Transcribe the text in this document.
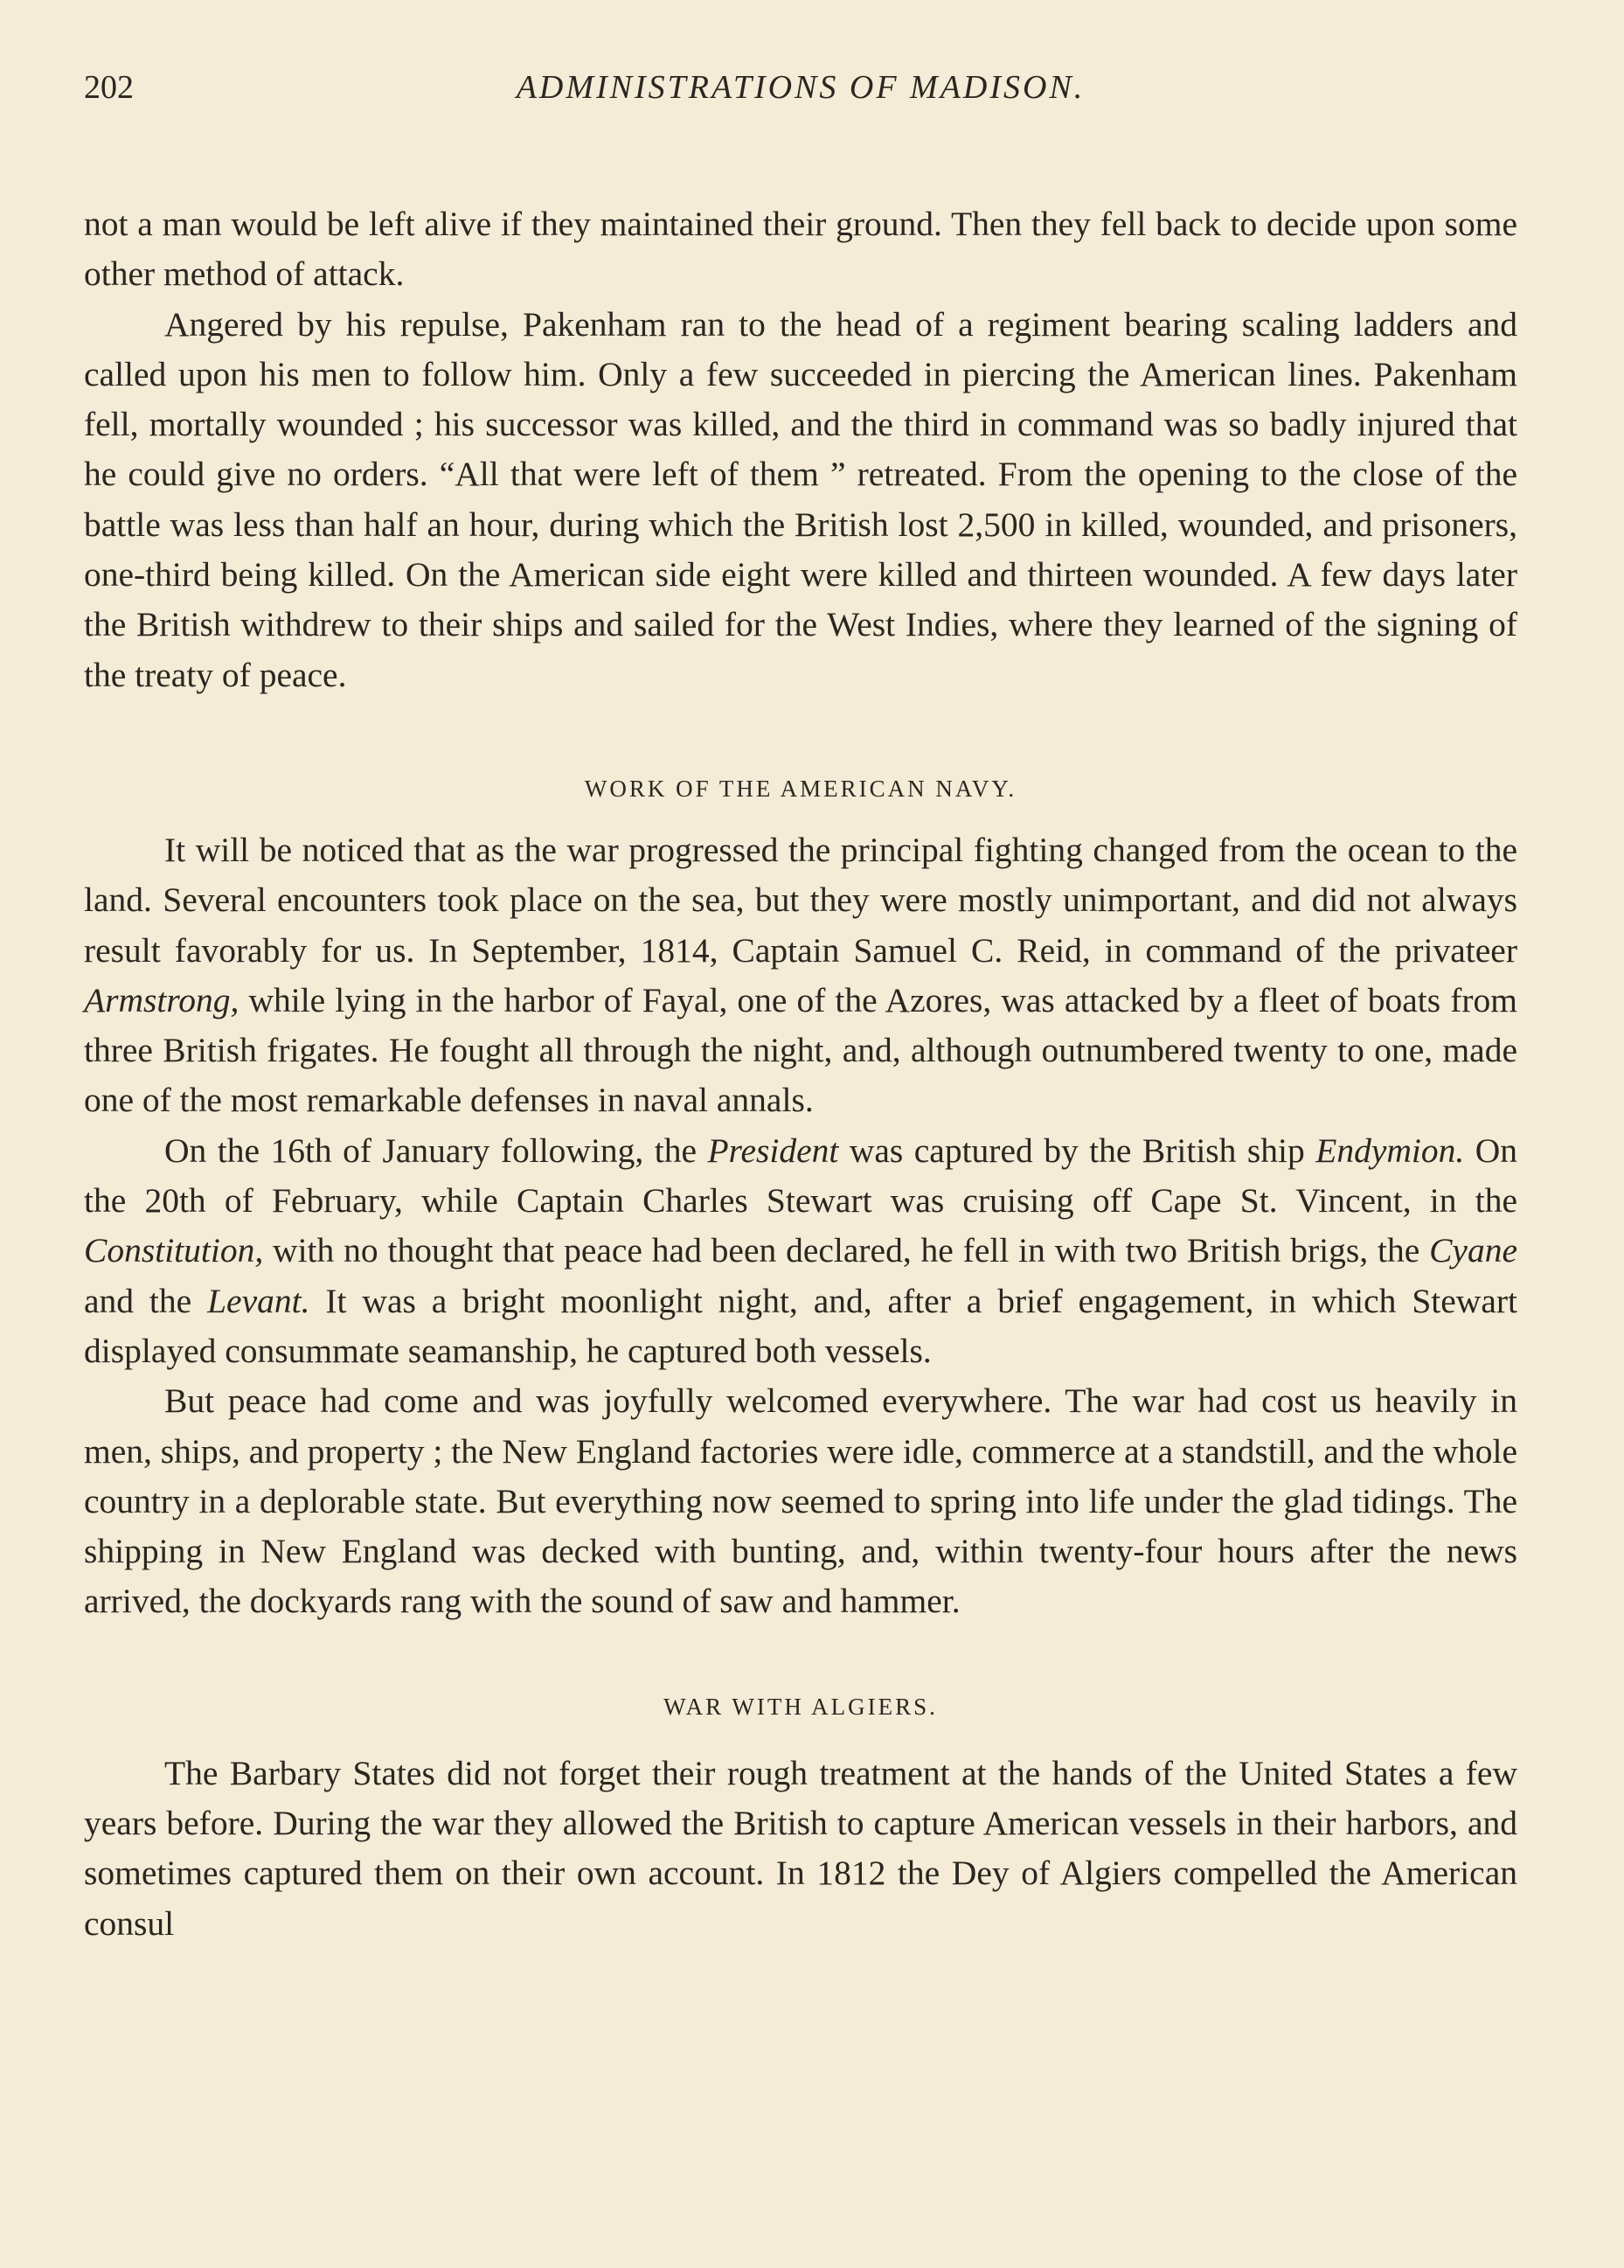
202	ADMINISTRATIONS OF MADISON.

not a man would be left alive if they maintained their ground. Then they fell back to decide upon some other method of attack.

Angered by his repulse, Pakenham ran to the head of a regiment bearing scaling ladders and called upon his men to follow him. Only a few succeeded in piercing the American lines. Pakenham fell, mortally wounded ; his successor was killed, and the third in command was so badly injured that he could give no orders. “All that were left of them ” retreated. From the opening to the close of the battle was less than half an hour, during which the British lost 2,500 in killed, wounded, and prisoners, one-third being killed. On the American side eight were killed and thirteen wounded. A few days later the British withdrew to their ships and sailed for the West Indies, where they learned of the signing of the treaty of peace.

WORK OF THE AMERICAN NAVY.

It will be noticed that as the war progressed the principal fighting changed from the ocean to the land. Several encounters took place on the sea, but they were mostly unimportant, and did not always result favorably for us. In September, 1814, Captain Samuel C. Reid, in command of the privateer Armstrong, while lying in the harbor of Fayal, one of the Azores, was attacked by a fleet of boats from three British frigates. He fought all through the night, and, although outnumbered twenty to one, made one of the most remarkable defenses in naval annals.

On the 16th of January following, the President was captured by the British ship Endymion. On the 20th of February, while Captain Charles Stewart was cruising off Cape St. Vincent, in the Constitution, with no thought that peace had been declared, he fell in with two British brigs, the Cyane and the Levant. It was a bright moonlight night, and, after a brief engagement, in which Stewart displayed consummate seamanship, he captured both vessels.

But peace had come and was joyfully welcomed everywhere. The war had cost us heavily in men, ships, and property ; the New England factories were idle, commerce at a standstill, and the whole country in a deplorable state. But everything now seemed to spring into life under the glad tidings. The shipping in New England was decked with bunting, and, within twenty-four hours after the news arrived, the dockyards rang with the sound of saw and hammer.

WAR WITH ALGIERS.

The Barbary States did not forget their rough treatment at the hands of the United States a few years before. During the war they allowed the British to capture American vessels in their harbors, and sometimes captured them on their own account. In 1812 the Dey of Algiers compelled the American consul
